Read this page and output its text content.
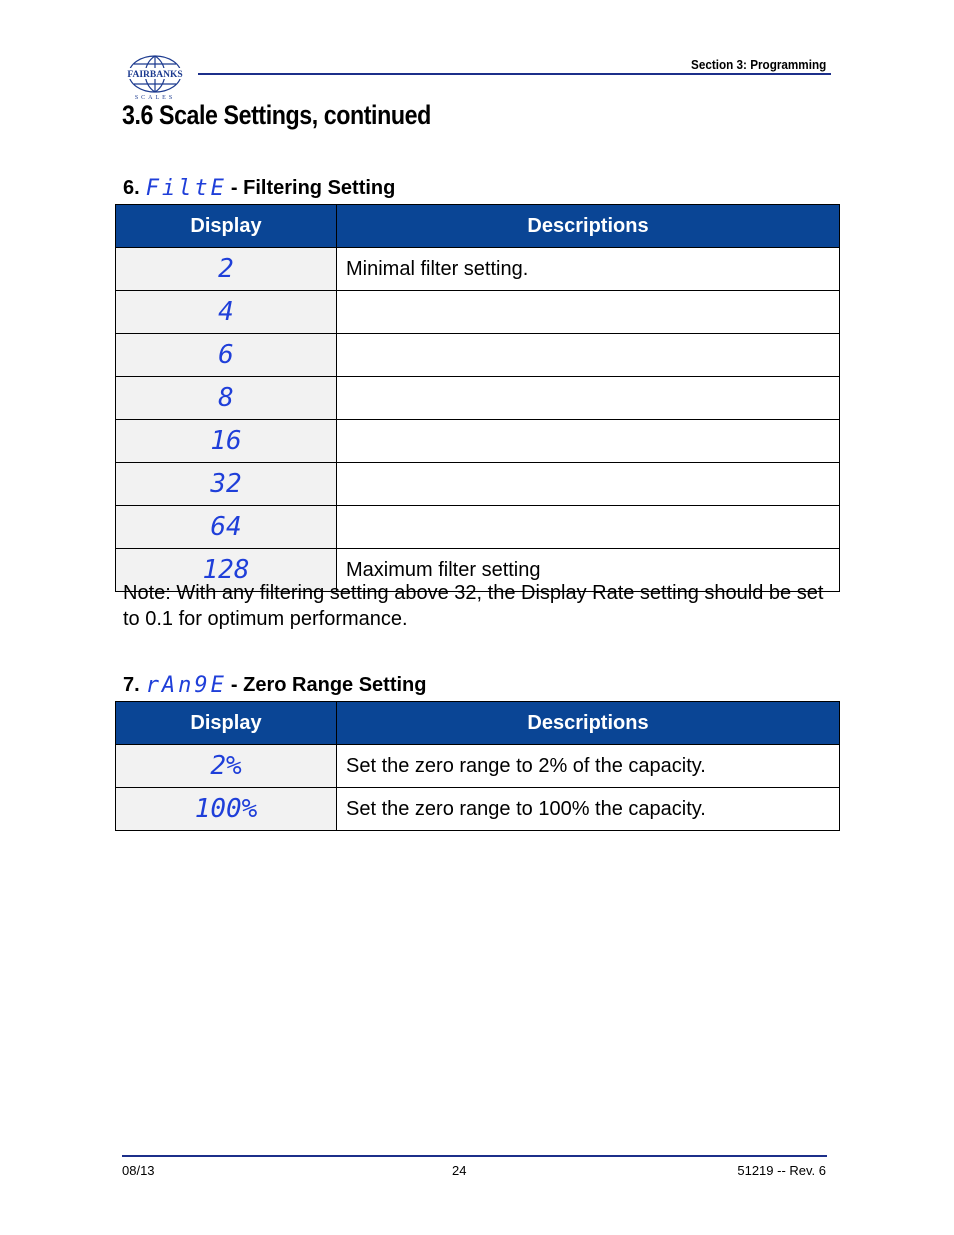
FAIRBANKS
SCALES
Section 3: Programming
3.6 Scale Settings, continued
6. FiltE - Filtering Setting
Display	Descriptions
2	Minimal filter setting.
4	
6	
8	
16	
32	
64	
128	Maximum filter setting

Note: With any filtering setting above 32, the Display Rate setting should be set to 0.1 for optimum performance.

7. rAn9E - Zero Range Setting
Display	Descriptions
2%	Set the zero range to 2% of the capacity.
100%	Set the zero range to 100% the capacity.
08/13	24	51219 -- Rev. 6
